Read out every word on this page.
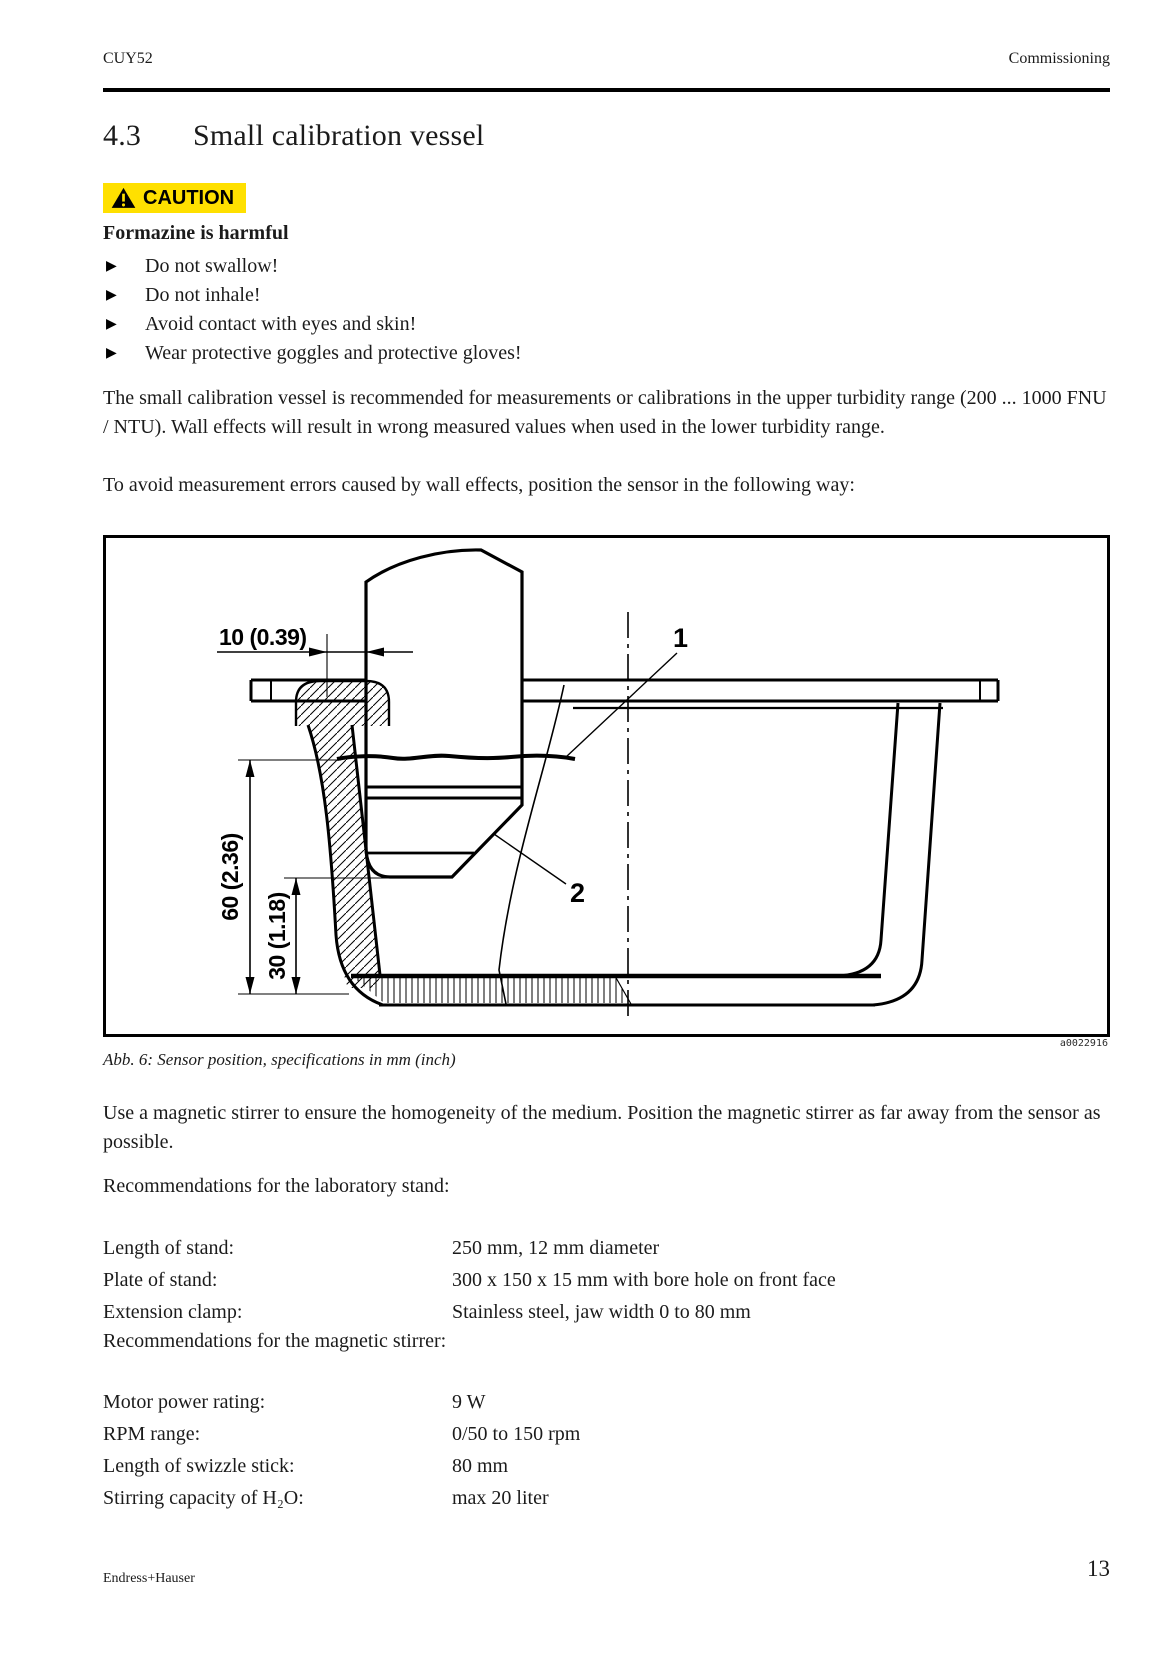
CUY52	Commissioning
4.3 Small calibration vessel
CAUTION
Formazine is harmful
▶ Do not swallow!
▶ Do not inhale!
▶ Avoid contact with eyes and skin!
▶ Wear protective goggles and protective gloves!
The small calibration vessel is recommended for measurements or calibrations in the upper turbidity range (200 ... 1000 FNU / NTU). Wall effects will result in wrong measured values when used in the lower turbidity range.
To avoid measurement errors caused by wall effects, position the sensor in the following way:
10 (0.39)
60 (2.36)
30 (1.18)
1
2
a0022916
Abb. 6: Sensor position, specifications in mm (inch)
Use a magnetic stirrer to ensure the homogeneity of the medium. Position the magnetic stirrer as far away from the sensor as possible.
Recommendations for the laboratory stand:
Length of stand:	250 mm, 12 mm diameter
Plate of stand:	300 x 150 x 15 mm with bore hole on front face
Extension clamp:	Stainless steel, jaw width 0 to 80 mm
Recommendations for the magnetic stirrer:
Motor power rating:	9 W
RPM range:	0/50 to 150 rpm
Length of swizzle stick:	80 mm
Stirring capacity of H₂O:	max 20 liter
Endress+Hauser	13
